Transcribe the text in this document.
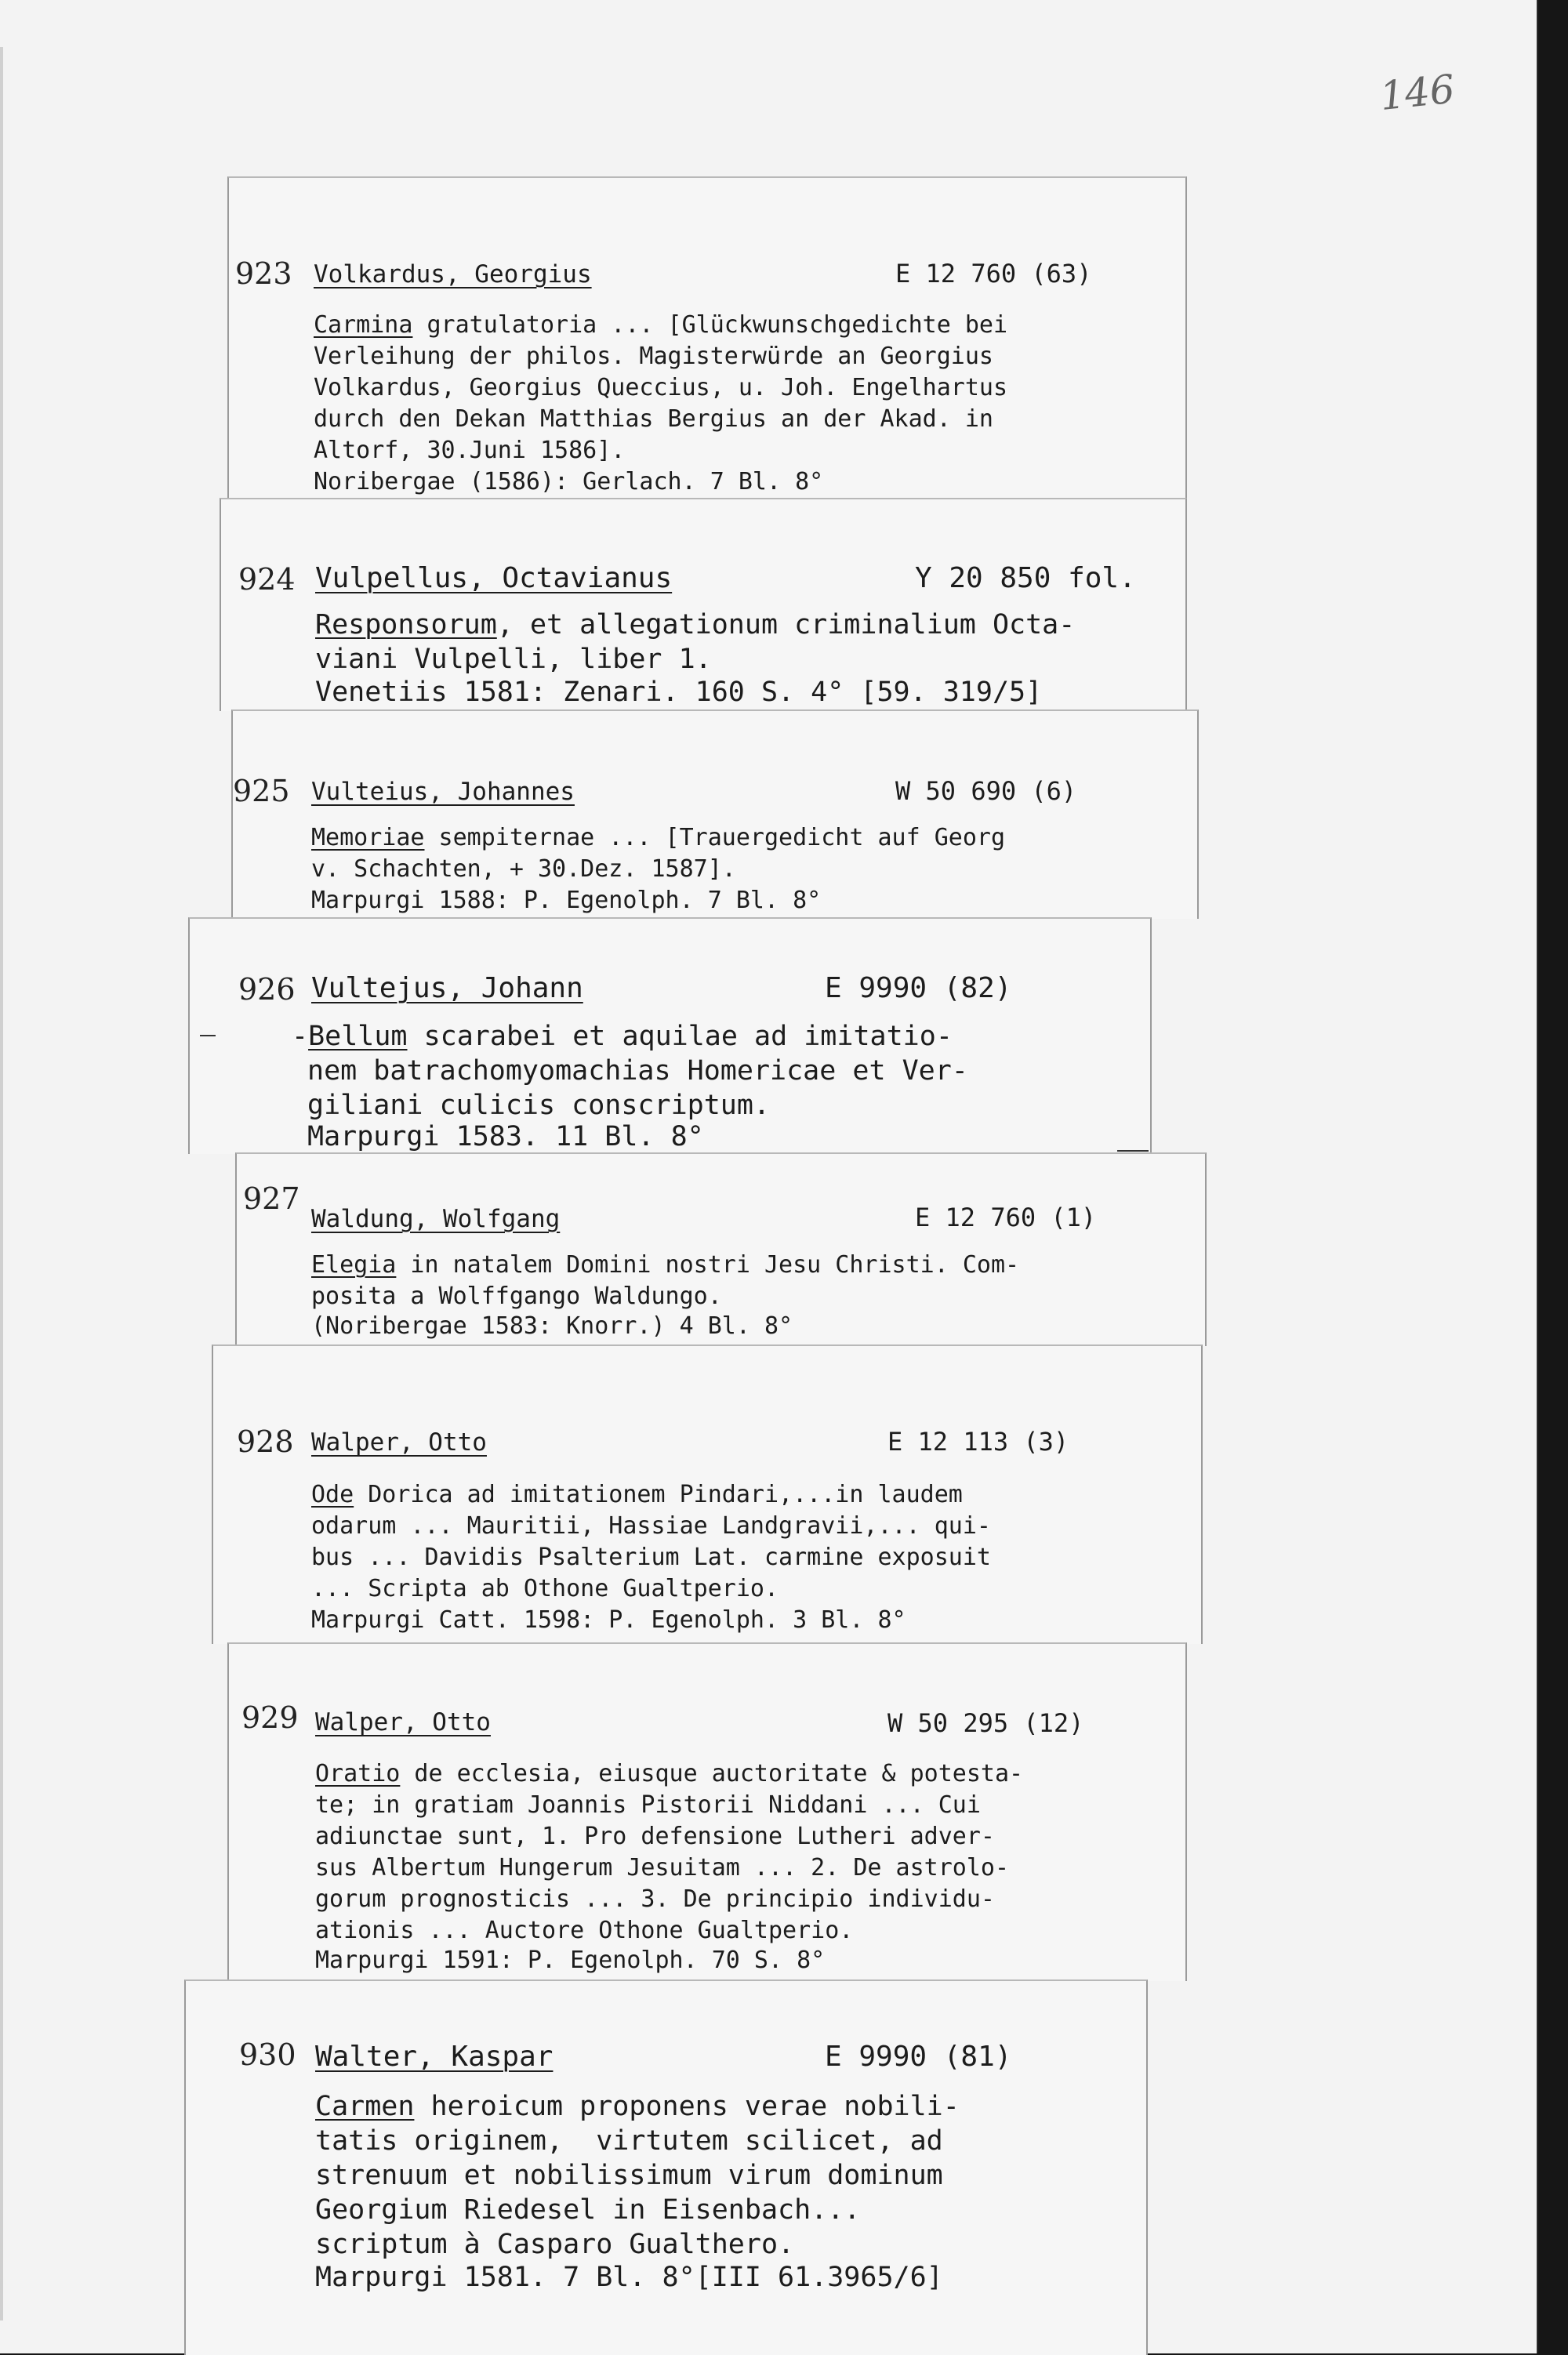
146
923 Volkardus, Georgius	E 12 760 (63)
Carmina gratulatoria ... [Glückwunschgedichte bei
Verleihung der philos. Magisterwürde an Georgius
Volkardus, Georgius Queccius, u. Joh. Engelhartus
durch den Dekan Matthias Bergius an der Akad. in
Altorf, 30.Juni 1586].
Noribergae (1586): Gerlach. 7 Bl. 8°
924 Vulpellus, Octavianus	Y 20 850 fol.
Responsorum, et allegationum criminalium Octa-
viani Vulpelli, liber 1.
Venetiis 1581: Zenari. 160 S. 4° [59. 319/5]
925 Vulteius, Johannes	W 50 690 (6)
Memoriae sempiternae ... [Trauergedicht auf Georg
v. Schachten, + 30.Dez. 1587].
Marpurgi 1588: P. Egenolph. 7 Bl. 8°
926 Vultejus, Johann	E 9990 (82)
-Bellum scarabei et aquilae ad imitatio-
nem batrachomyomachias Homericae et Ver-
giliani culicis conscriptum.
Marpurgi 1583. 11 Bl. 8°
927
Waldung, Wolfgang	E 12 760 (1)
Elegia in natalem Domini nostri Jesu Christi. Com-
posita a Wolffgango Waldungo.
(Noribergae 1583: Knorr.) 4 Bl. 8°
928 Walper, Otto	E 12 113 (3)
Ode Dorica ad imitationem Pindari,...in laudem
odarum ... Mauritii, Hassiae Landgravii,... qui-
bus ... Davidis Psalterium Lat. carmine exposuit
... Scripta ab Othone Gualtperio.
Marpurgi Catt. 1598: P. Egenolph. 3 Bl. 8°
929 Walper, Otto	W 50 295 (12)
Oratio de ecclesia, eiusque auctoritate & potesta-
te; in gratiam Joannis Pistorii Niddani ... Cui
adiunctae sunt, 1. Pro defensione Lutheri adver-
sus Albertum Hungerum Jesuitam ... 2. De astrolo-
gorum prognosticis ... 3. De principio individu-
ationis ... Auctore Othone Gualtperio.
Marpurgi 1591: P. Egenolph. 70 S. 8°
930 Walter, Kaspar	E 9990 (81)
Carmen heroicum proponens verae nobili-
tatis originem,  virtutem scilicet, ad
strenuum et nobilissimum virum dominum
Georgium Riedesel in Eisenbach...
scriptum à Casparo Gualthero.
Marpurgi 1581. 7 Bl. 8°[III 61.3965/6]
